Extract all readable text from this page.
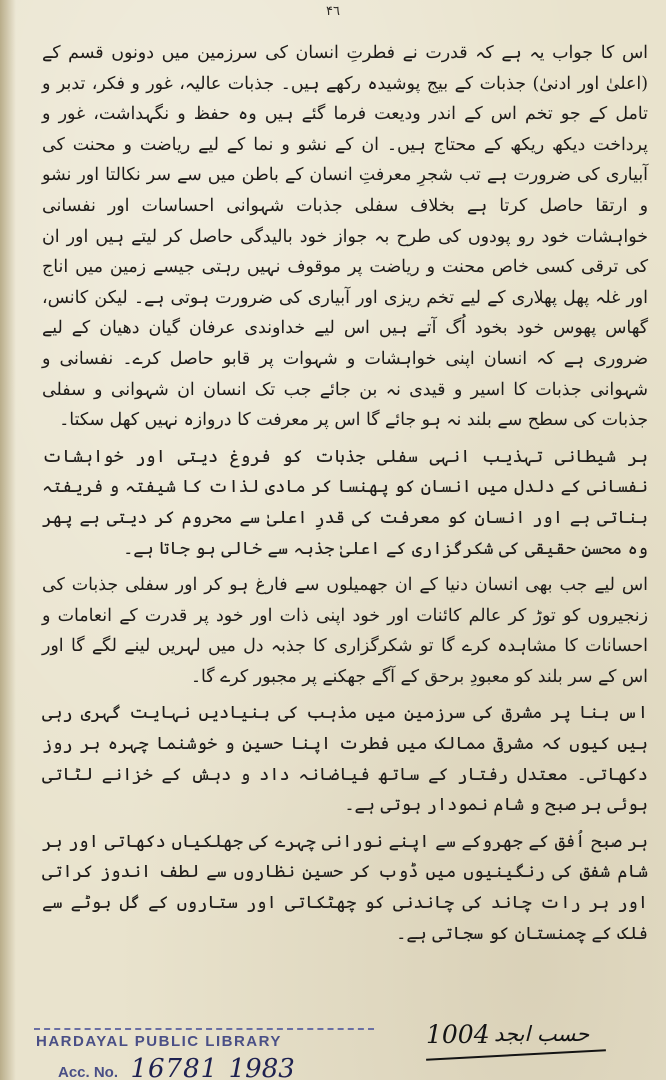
۴٦

اس کا جواب یہ ہے کہ قدرت نے فطرتِ انسان کی سرزمین میں دونوں قسم کے (اعلیٰ اور ادنیٰ) جذبات کے بیج پوشیدہ رکھے ہیں۔ جذبات عالیہ، غور و فکر، تدبر و تامل کے جو تخم اس کے اندر ودیعت فرما گئے ہیں وہ حفظ و نگہداشت، غور و پرداخت دیکھ ریکھ کے محتاج ہیں۔ ان کے نشو و نما کے لیے ریاضت و محنت کی آبیاری کی ضرورت ہے تب شجرِ معرفتِ انسان کے باطن میں سے سر نکالتا اور نشو و ارتقا حاصل کرتا ہے بخلاف سفلی جذبات شہوانی احساسات اور نفسانی خواہشات خود رو پودوں کی طرح بہ جواز خود بالیدگی حاصل کر لیتے ہیں اور ان کی ترقی کسی خاص محنت و ریاضت پر موقوف نہیں رہتی جیسے زمین میں اناج اور غلہ پھل پھلاری کے لیے تخم ریزی اور آبیاری کی ضرورت ہوتی ہے۔ لیکن کانس، گھاس پھوس خود بخود اُگ آتے ہیں اس لیے خداوندی عرفان گیان دھیان کے لیے ضروری ہے کہ انسان اپنی خواہشات و شہوات پر قابو حاصل کرے۔ نفسانی و شہوانی جذبات کا اسیر و قیدی نہ بن جائے جب تک انسان ان شہوانی و سفلی جذبات کی سطح سے بلند نہ ہو جائے گا اس پر معرفت کا دروازہ نہیں کھل سکتا۔

ہر شیطانی تہذیب انہی سفلی جذبات کو فروغ دیتی اور خواہشات نفسانی کے دلدل میں انسان کو پھنسا کر مادی لذات کا شیفتہ و فریفتہ بناتی ہے اور انسان کو معرفت کی قدرِ اعلیٰ سے محروم کر دیتی ہے پھر وہ محسنِ حقیقی کی شکرگزاری کے اعلیٰ جذبہ سے خالی ہو جاتا ہے۔

اس لیے جب بھی انسان دنیا کے ان جھمیلوں سے فارغ ہو کر اور سفلی جذبات کی زنجیروں کو توڑ کر عالم کائنات اور خود اپنی ذات اور خود پر قدرت کے انعامات و احسانات کا مشاہدہ کرے گا تو شکرگزاری کا جذبہ دل میں لہریں لینے لگے گا اور اس کے سر بلند کو معبودِ برحق کے آگے جھکنے پر مجبور کرے گا۔

اس بنا پر مشرق کی سرزمین میں مذہب کی بنیادیں نہایت گہری رہی ہیں کیوں کہ مشرقی ممالک میں فطرت اپنا حسین و خوشنما چہرہ ہر روز دکھاتی۔ معتدل رفتار کے ساتھ فیاضانہ داد و دہش کے خزانے لٹاتی ہوئی ہر صبح و شام نمودار ہوتی ہے۔

ہر صبح اُفق کے جھروکے سے اپنے نورانی چہرے کی جھلکیاں دکھاتی اور ہر شام شفق کی رنگینیوں میں ڈوب کر حسین نظاروں سے لطف اندوز کراتی اور ہر رات چاند کی چاندنی کو چھٹکاتی اور ستاروں کے گل بوٹے سے فلک کے چمنستان کو سجاتی ہے۔

HARDAYAL PUBLIC LIBRARY
Acc. No. 16781 1983
1004 حسب ابجد
